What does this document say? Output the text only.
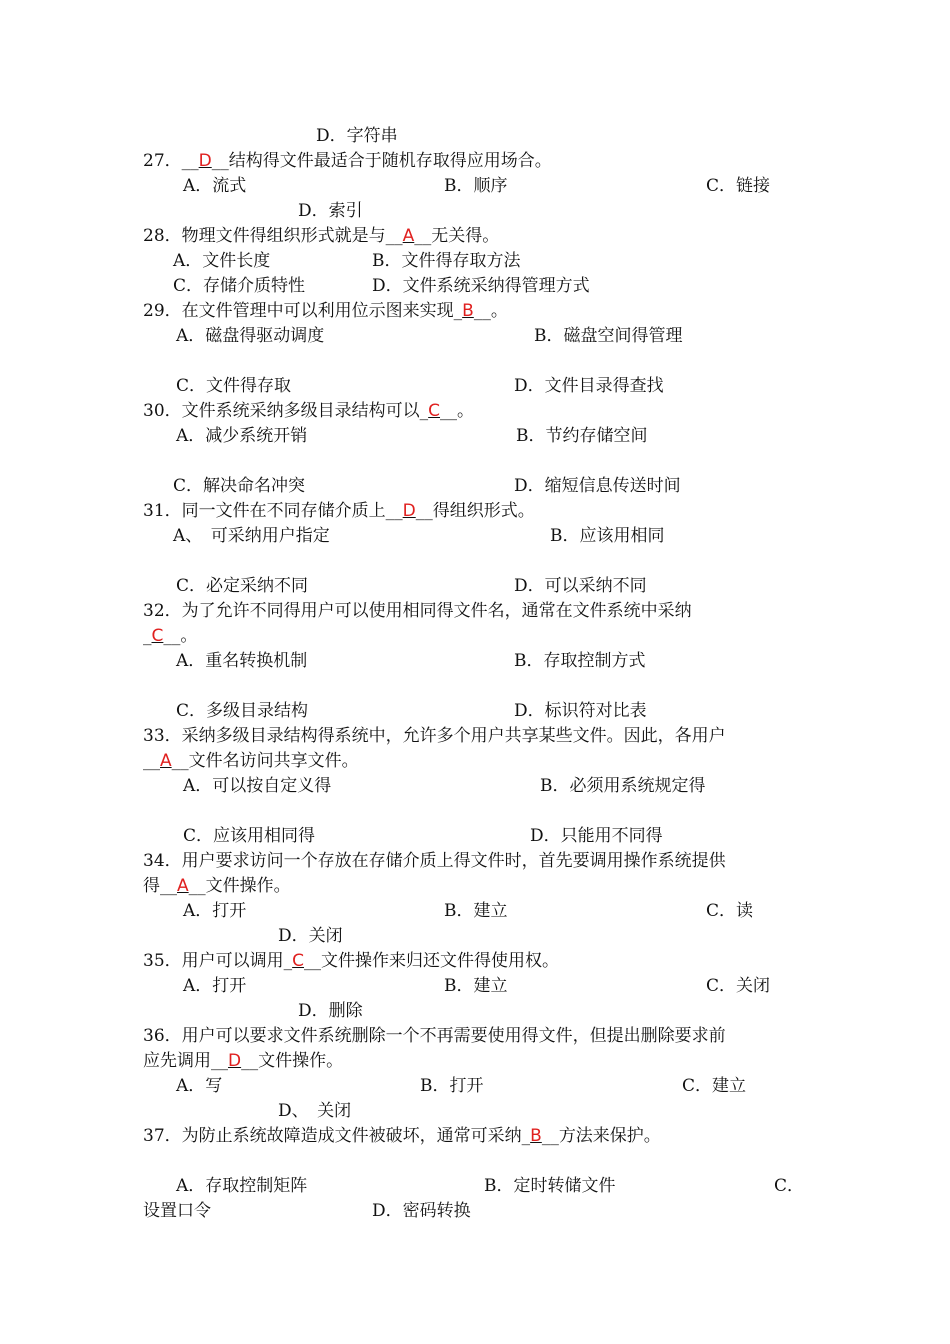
D．字符串
27．__D__结构得文件最适合于随机存取得应用场合。
A．流式	B．顺序	C．链接
D．索引
28．物理文件得组织形式就是与__A__无关得。
A．文件长度	B．文件得存取方法
C．存储介质特性	D．文件系统采纳得管理方式
29．在文件管理中可以利用位示图来实现_B__。
A．磁盘得驱动调度	B．磁盘空间得管理
C．文件得存取	D．文件目录得查找
30．文件系统采纳多级目录结构可以_C__。
A．减少系统开销	B．节约存储空间
C．解决命名冲突	D．缩短信息传送时间
31．同一文件在不同存储介质上__D__得组织形式。
A、　可采纳用户指定	B．应该用相同
C．必定采纳不同	D．可以采纳不同
32．为了允许不同得用户可以使用相同得文件名，通常在文件系统中采纳
_C__。
A．重名转换机制	B．存取控制方式
C．多级目录结构	D．标识符对比表
33．采纳多级目录结构得系统中，允许多个用户共享某些文件。因此，各用户
__A__文件名访问共享文件。
A．可以按自定义得	B．必须用系统规定得
C．应该用相同得	D．只能用不同得
34．用户要求访问一个存放在存储介质上得文件时，首先要调用操作系统提供
得__A__文件操作。
A．打开	B．建立	C．读
D．关闭
35．用户可以调用_C__文件操作来归还文件得使用权。
A．打开	B．建立	C．关闭
D．删除
36．用户可以要求文件系统删除一个不再需要使用得文件，但提出删除要求前
应先调用__D__文件操作。
A．写	B．打开	C．建立
D、　关闭
37．为防止系统故障造成文件被破坏，通常可采纳_B__方法来保护。
A．存取控制矩阵	B．定时转储文件	C．
设置口令	D．密码转换
